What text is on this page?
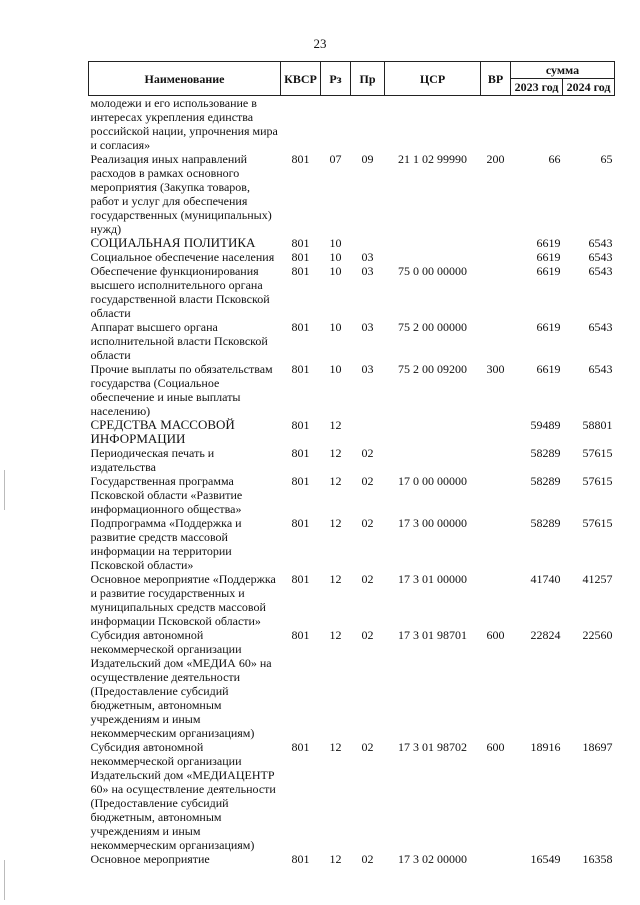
23
Наименование	КВСР	Рз	Пр	ЦСР	ВР	сумма	
						2023 год	2024 год
молодежи и его использование в интересах укрепления единства российской нации, упрочнения мира и согласия»							
Реализация иных направлений расходов в рамках основного мероприятия (Закупка товаров, работ и услуг для обеспечения государственных (муниципальных) нужд)	801	07	09	21 1 02 99990	200	66	65
СОЦИАЛЬНАЯ ПОЛИТИКА	801	10				6619	6543
Социальное обеспечение населения	801	10	03			6619	6543
Обеспечение функционирования высшего исполнительного органа государственной власти Псковской области	801	10	03	75 0 00 00000		6619	6543
Аппарат высшего органа исполнительной власти Псковской области	801	10	03	75 2 00 00000		6619	6543
Прочие выплаты по обязательствам государства (Социальное обеспечение и иные выплаты населению)	801	10	03	75 2 00 09200	300	6619	6543
СРЕДСТВА МАССОВОЙ ИНФОРМАЦИИ	801	12				59489	58801
Периодическая печать и издательства	801	12	02			58289	57615
Государственная программа Псковской области «Развитие информационного общества»	801	12	02	17 0 00 00000		58289	57615
Подпрограмма «Поддержка и развитие средств массовой информации на территории Псковской области»	801	12	02	17 3 00 00000		58289	57615
Основное мероприятие «Поддержка и развитие государственных и муниципальных средств массовой информации Псковской области»	801	12	02	17 3 01 00000		41740	41257
Субсидия автономной некоммерческой организации Издательский дом «МЕДИА 60» на осуществление деятельности (Предоставление субсидий бюджетным, автономным учреждениям и иным некоммерческим организациям)	801	12	02	17 3 01 98701	600	22824	22560
Субсидия автономной некоммерческой организации Издательский дом «МЕДИАЦЕНТР 60» на осуществление деятельности (Предоставление субсидий бюджетным, автономным учреждениям и иным некоммерческим организациям)	801	12	02	17 3 01 98702	600	18916	18697
Основное мероприятие	801	12	02	17 3 02 00000		16549	16358
